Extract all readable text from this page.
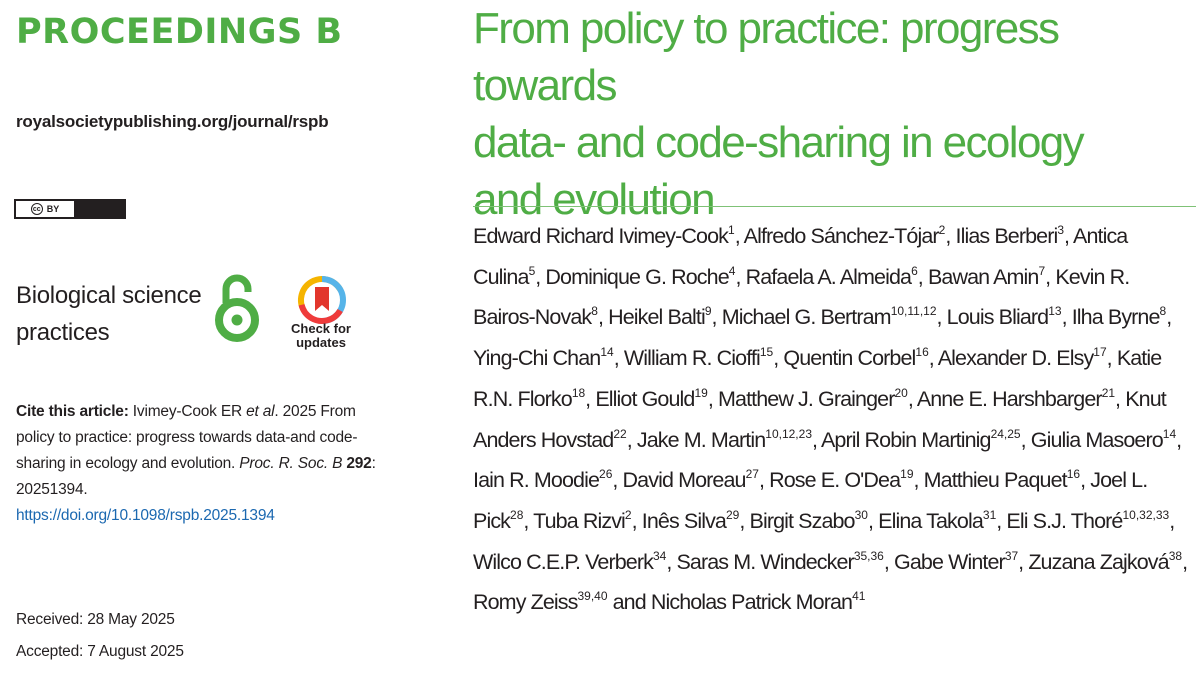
PROCEEDINGS B
royalsocietypublishing.org/journal/rspb
cc BY
Biological science
practices	Check for
updates
Cite this article: Ivimey-Cook ER et al. 2025 From policy to practice: progress towards data-and code-sharing in ecology and evolution. Proc. R. Soc. B 292: 20251394.
https://doi.org/10.1098/rspb.2025.1394
Received: 28 May 2025
Accepted: 7 August 2025
From policy to practice: progress towards
data- and code-sharing in ecology
and evolution
Edward Richard Ivimey-Cook$^1$, Alfredo Sánchez-Tójar$^2$, Ilias Berberi$^3$, Antica Culina$^5$, Dominique G. Roche$^4$, Rafaela A. Almeida$^6$, Bawan Amin$^7$, Kevin R. Bairos-Novak$^8$, Heikel Balti$^9$, Michael G. Bertram$^{10,11,12}$, Louis Bliard$^{13}$, Ilha Byrne$^8$, Ying-Chi Chan$^{14}$, William R. Cioffi$^{15}$, Quentin Corbel$^{16}$, Alexander D. Elsy$^{17}$, Katie R.N. Florko$^{18}$, Elliot Gould$^{19}$, Matthew J. Grainger$^{20}$, Anne E. Harshbarger$^{21}$, Knut Anders Hovstad$^{22}$, Jake M. Martin$^{10,12,23}$, April Robin Martinig$^{24,25}$, Giulia Masoero$^{14}$, Iain R. Moodie$^{26}$, David Moreau$^{27}$, Rose E. O'Dea$^{19}$, Matthieu Paquet$^{16}$, Joel L. Pick$^{28}$, Tuba Rizvi$^2$, Inês Silva$^{29}$, Birgit Szabo$^{30}$, Elina Takola$^{31}$, Eli S.J. Thoré$^{10,32,33}$, Wilco C.E.P. Verberk$^{34}$, Saras M. Windecker$^{35,36}$, Gabe Winter$^{37}$, Zuzana Zajková$^{38}$, Romy Zeiss$^{39,40}$ and Nicholas Patrick Moran$^{41}$
